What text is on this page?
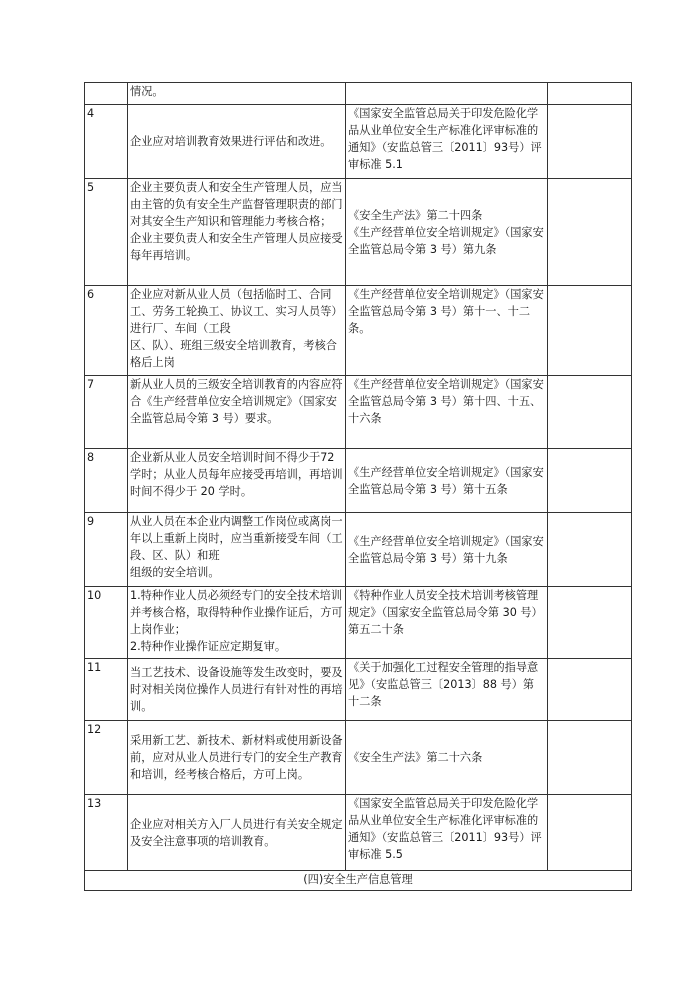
	情况。		

4	企业应对培训教育效果进行评估和改进。	《国家安全监管总局关于印发危险化学品从业单位安全生产标准化评审标准的通知》（安监总管三〔2011〕93号）评审标准 5.1	

5	企业主要负责人和安全生产管理人员，应当由主管的负有安全生产监督管理职责的部门对其安全生产知识和管理能力考核合格；
企业主要负责人和安全生产管理人员应接受每年再培训。	《安全生产法》第二十四条
《生产经营单位安全培训规定》（国家安全监管总局令第 3 号）第九条	

6	企业应对新从业人员（包括临时工、合同工、劳务工轮换工、协议工、实习人员等）进行厂、车间（工段
区、队）、班组三级安全培训教育，考核合格后上岗	《生产经营单位安全培训规定》（国家安全监管总局令第 3 号）第十一、十二条。	

7	新从业人员的三级安全培训教育的内容应符合《生产经营单位安全培训规定》（国家安全监管总局令第 3 号）要求。	《生产经营单位安全培训规定》（国家安全监管总局令第 3 号）第十四、十五、十六条	

8	企业新从业人员安全培训时间不得少于72 学时；从业人员每年应接受再培训，再培训时间不得少于 20 学时。	《生产经营单位安全培训规定》（国家安全监管总局令第 3 号）第十五条	

9	从业人员在本企业内调整工作岗位或离岗一年以上重新上岗时，应当重新接受车间（工段、区、队）和班
组级的安全培训。	《生产经营单位安全培训规定》（国家安全监管总局令第 3 号）第十九条	

10	1.特种作业人员必须经专门的安全技术培训并考核合格，取得特种作业操作证后，方可上岗作业；
2.特种作业操作证应定期复审。	《特种作业人员安全技术培训考核管理规定》（国家安全监管总局令第 30 号）第五二十条	

11	当工艺技术、设备设施等发生改变时，要及时对相关岗位操作人员进行有针对性的再培训。	《关于加强化工过程安全管理的指导意见》（安监总管三〔2013〕88 号）第十二条	

12	采用新工艺、新技术、新材料或使用新设备前，应对从业人员进行专门的安全生产教育和培训，经考核合格后，方可上岗。	《安全生产法》第二十六条	

13	企业应对相关方入厂人员进行有关安全规定及安全注意事项的培训教育。	《国家安全监管总局关于印发危险化学品从业单位安全生产标准化评审标准的通知》（安监总管三〔2011〕93号）评审标准 5.5	

(四)安全生产信息管理			
